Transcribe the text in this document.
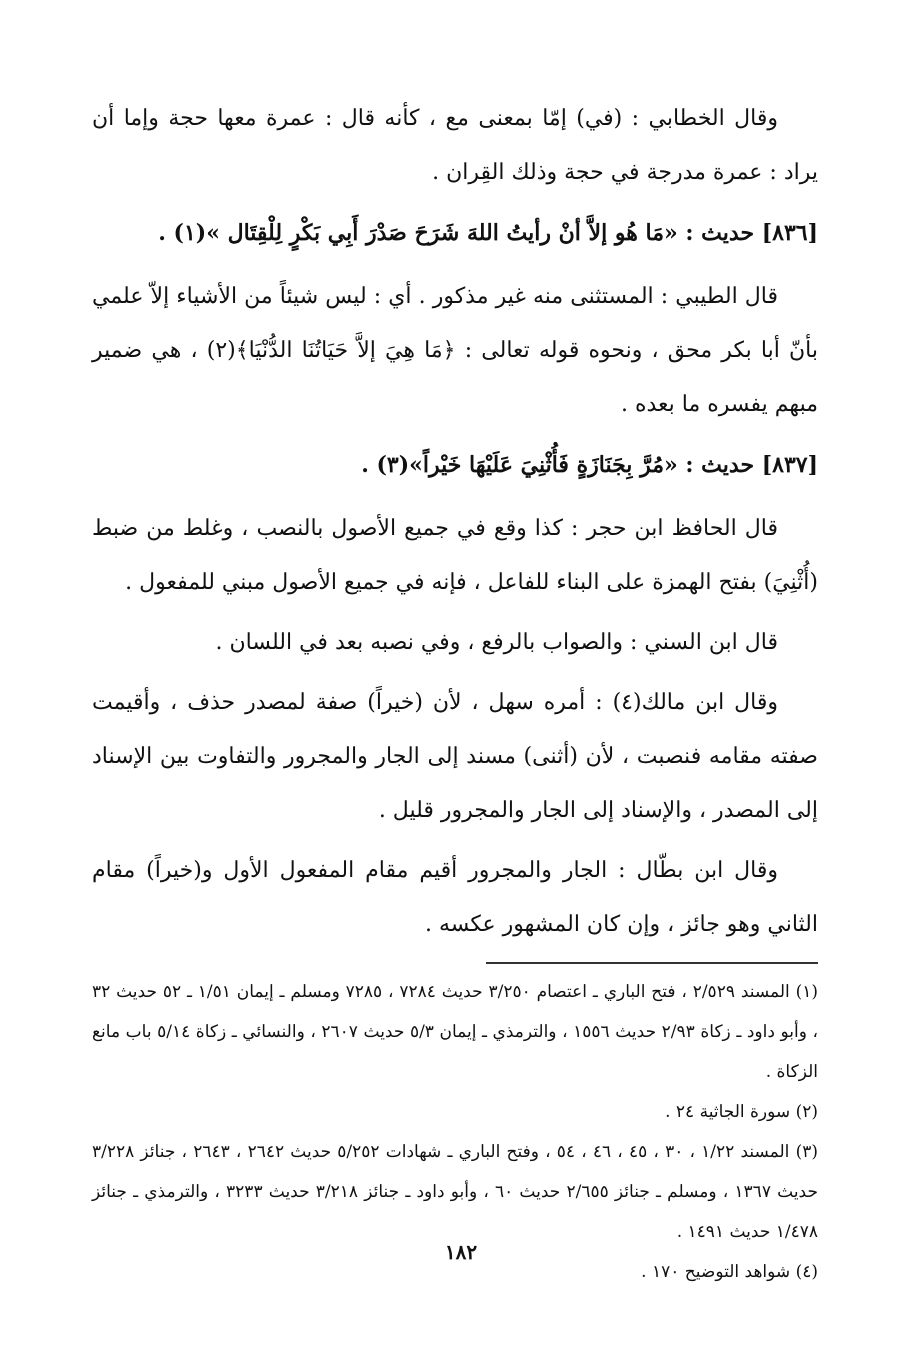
وقال الخطابي : (في) إمّا بمعنى مع ، كأنه قال : عمرة معها حجة وإما أن يراد : عمرة مدرجة في حجة وذلك القِران .

[٨٣٦] حديث : «مَا هُو إلاَّ أنْ رأيتُ اللهَ شَرَحَ صَدْرَ أَبِي بَكْرٍ لِلْقِتَال »(١) .

قال الطيبي : المستثنى منه غير مذكور . أي : ليس شيئاً من الأشياء إلاّ علمي بأنّ أبا بكر محق ، ونحوه قوله تعالى : ﴿مَا هِيَ إلاَّ حَيَاتُنَا الدُّنْيَا﴾(٢) ، هي ضمير مبهم يفسره ما بعده .

[٨٣٧] حديث : «مُرَّ بِجَنَازَةٍ فَأُثْنِيَ عَلَيْهَا خَيْراً»(٣) .

قال الحافظ ابن حجر : كذا وقع في جميع الأصول بالنصب ، وغلط من ضبط (أُثْنِيَ) بفتح الهمزة على البناء للفاعل ، فإنه في جميع الأصول مبني للمفعول .

قال ابن السني : والصواب بالرفع ، وفي نصبه بعد في اللسان .

وقال ابن مالك(٤) : أمره سهل ، لأن (خيراً) صفة لمصدر حذف ، وأقيمت صفته مقامه فنصبت ، لأن (أثنى) مسند إلى الجار والمجرور والتفاوت بين الإسناد إلى المصدر ، والإسناد إلى الجار والمجرور قليل .

وقال ابن بطّال : الجار والمجرور أقيم مقام المفعول الأول و(خيراً) مقام الثاني وهو جائز ، وإن كان المشهور عكسه .

(١) المسند ٢/٥٢٩ ، فتح الباري ـ اعتصام ٣/٢٥٠ حديث ٧٢٨٤ ، ٧٢٨٥ ومسلم ـ إيمان ١/٥١ ـ ٥٢ حديث ٣٢ ، وأبو داود ـ زكاة ٢/٩٣ حديث ١٥٥٦ ، والترمذي ـ إيمان ٥/٣ حديث ٢٦٠٧ ، والنسائي ـ زكاة ٥/١٤ باب مانع الزكاة .

(٢) سورة الجاثية ٢٤ .

(٣) المسند ١/٢٢ ، ٣٠ ، ٤٥ ، ٤٦ ، ٥٤ ، وفتح الباري ـ شهادات ٥/٢٥٢ حديث ٢٦٤٢ ، ٢٦٤٣ ، جنائز ٣/٢٢٨ حديث ١٣٦٧ ، ومسلم ـ جنائز ٢/٦٥٥ حديث ٦٠ ، وأبو داود ـ جنائز ٣/٢١٨ حديث ٣٢٣٣ ، والترمذي ـ جنائز ١/٤٧٨ حديث ١٤٩١ .

(٤) شواهد التوضيح ١٧٠ .

١٨٢
